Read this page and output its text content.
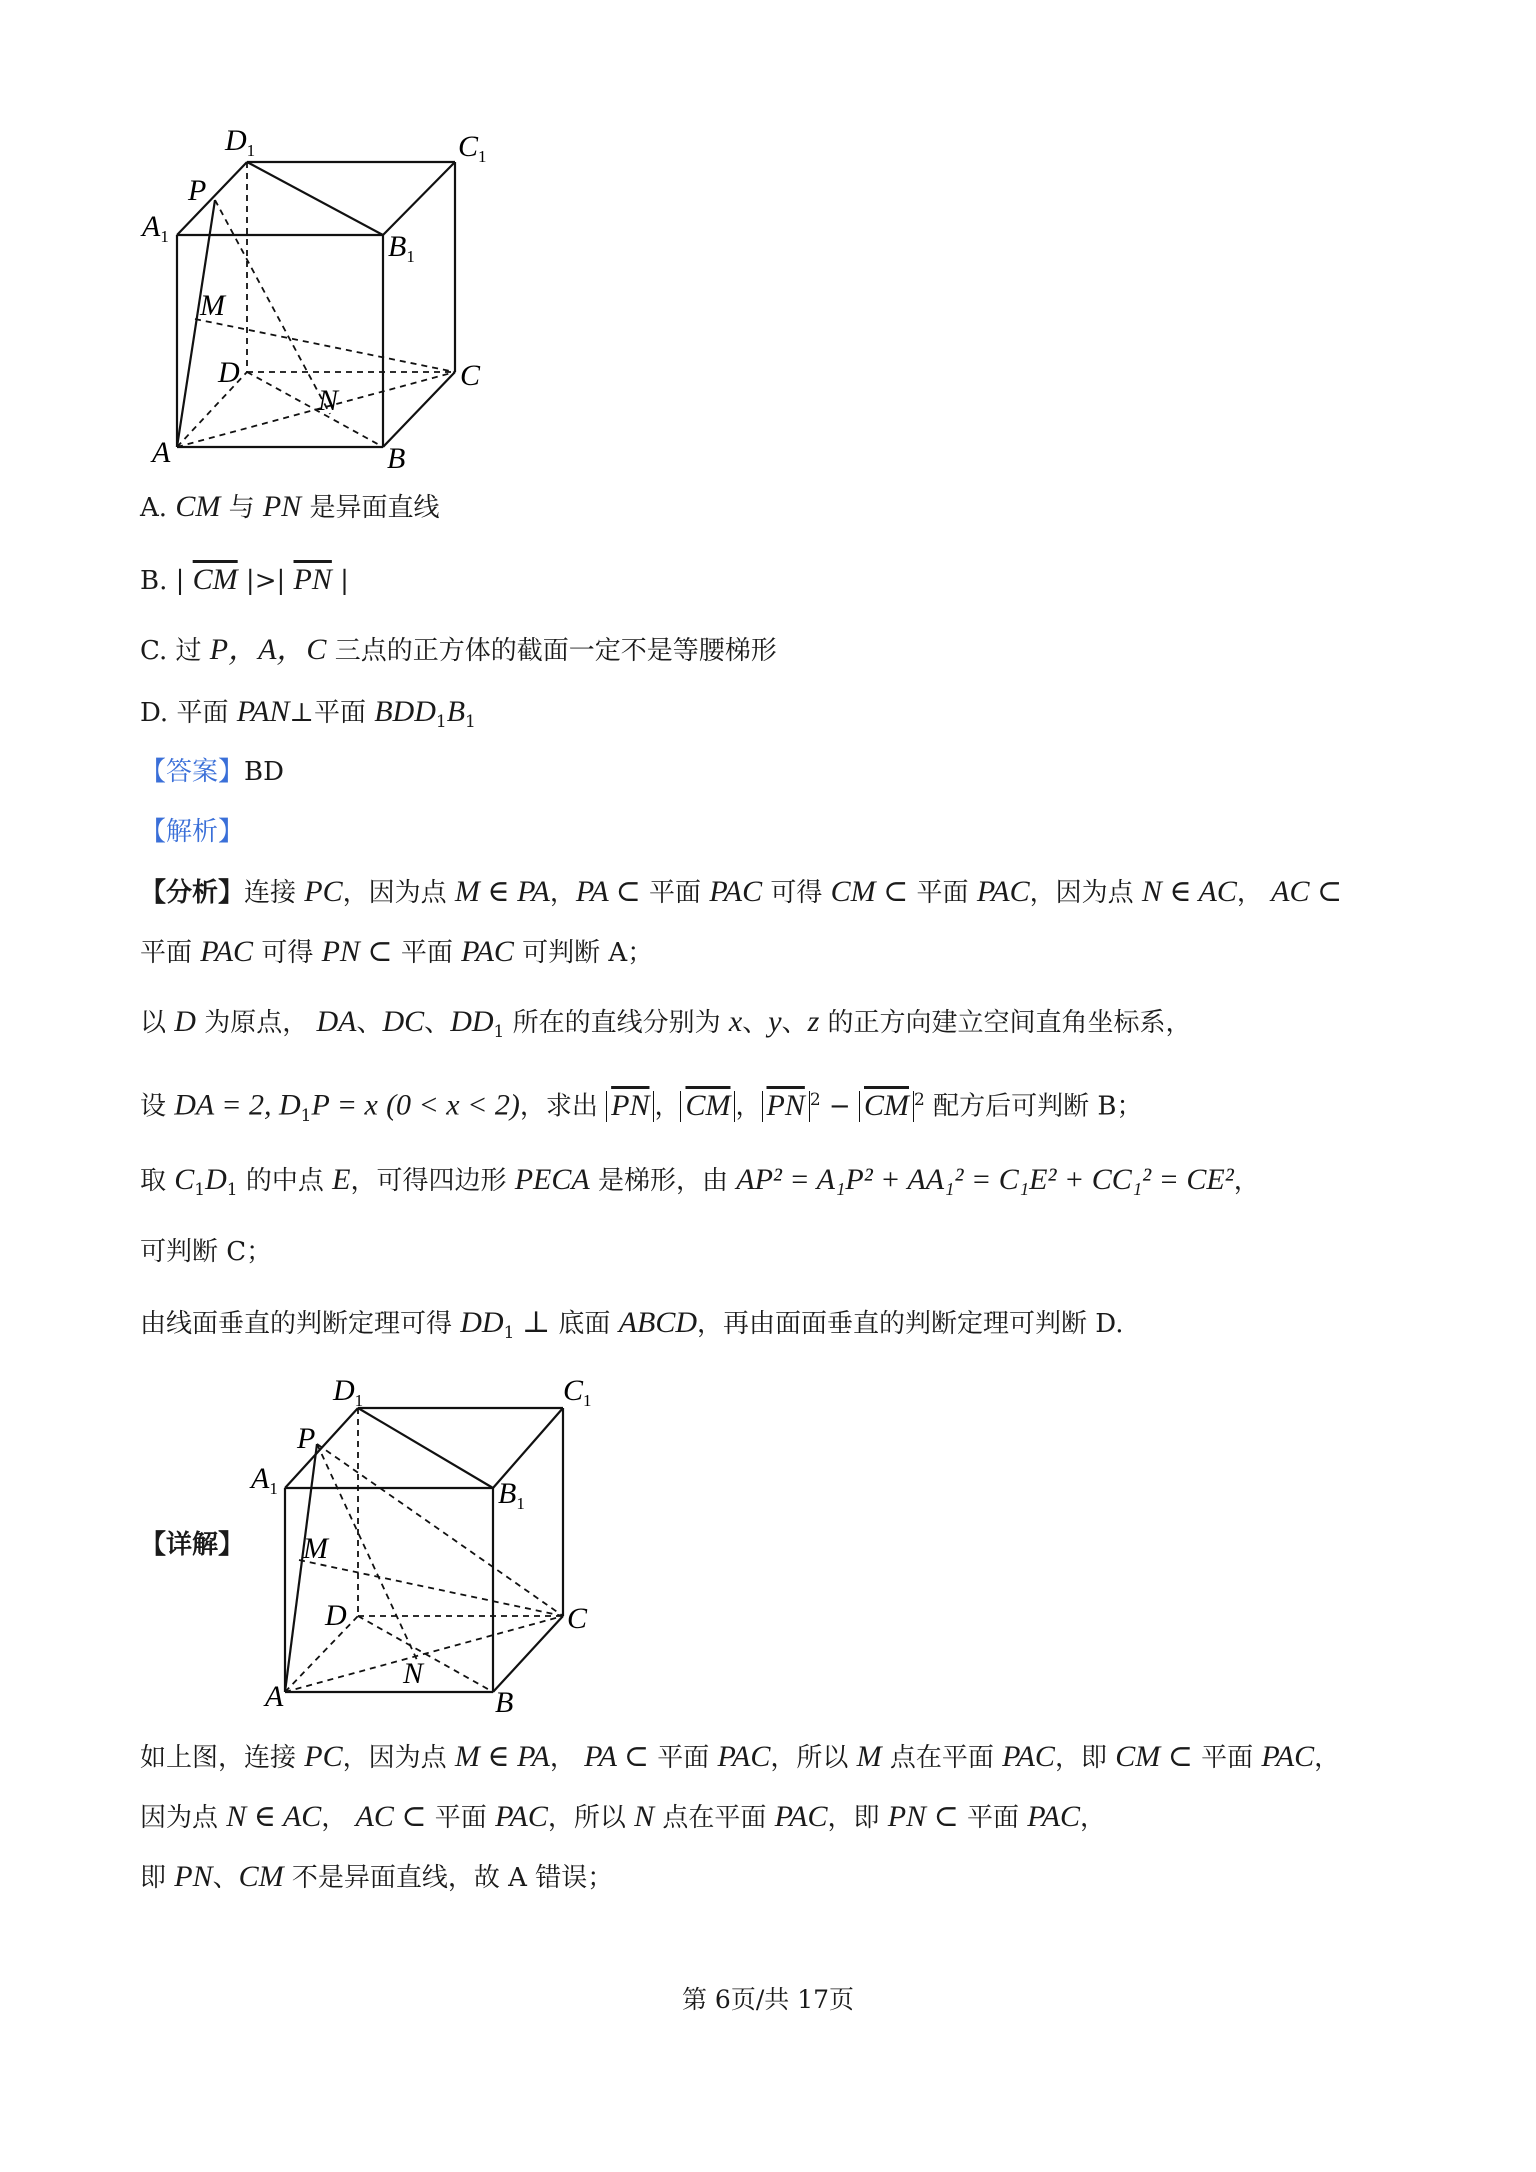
$D_1$	$C_1$
$A_1$	$B_1$
P
M
D	C
N
A	B
A. CM 与 PN 是异面直线
B. | $\overline{CM}$ |>| $\overline{PN}$ |
C. 过 P，A，C 三点的正方体的截面一定不是等腰梯形
D. 平面 PAN⊥平面 $BDD_1B_1$
【答案】BD
【解析】
【分析】连接 PC，因为点 M ∈ PA，PA ⊂ 平面 PAC 可得 CM ⊂ 平面 PAC，因为点 N ∈ AC， AC ⊂
平面 PAC 可得 PN ⊂ 平面 PAC 可判断 A；
以 D 为原点， DA、DC、$DD_1$ 所在的直线分别为 x、y、z 的正方向建立空间直角坐标系，
设 DA = 2, $D_1P = x$ (0 < x < 2)，求出 $\overline{PN}$ ， $\overline{CM}$ ， $\overline{PN}$ $^2 - \overline{CM}$ $^2$ 配方后可判断 B；
取 $C_1D_1$ 的中点 E，可得四边形 PECA 是梯形，由 AP² = A₁P² + AA₁² = C₁E² + CC₁² = CE²，
可判断 C；
由线面垂直的判断定理可得 $DD_1$ ⊥ 底面 ABCD，再由面面垂直的判断定理可判断 D.
【详解】
$D_1$	$C_1$
$A_1$	$B_1$
P
M
D	C
N
A	B
如上图，连接 PC，因为点 M ∈ PA， PA ⊂ 平面 PAC，所以 M 点在平面 PAC，即 CM ⊂ 平面 PAC，
因为点 N ∈ AC， AC ⊂ 平面 PAC，所以 N 点在平面 PAC，即 PN ⊂ 平面 PAC，
即 PN、CM 不是异面直线，故 A 错误；
第 6页/共 17页
